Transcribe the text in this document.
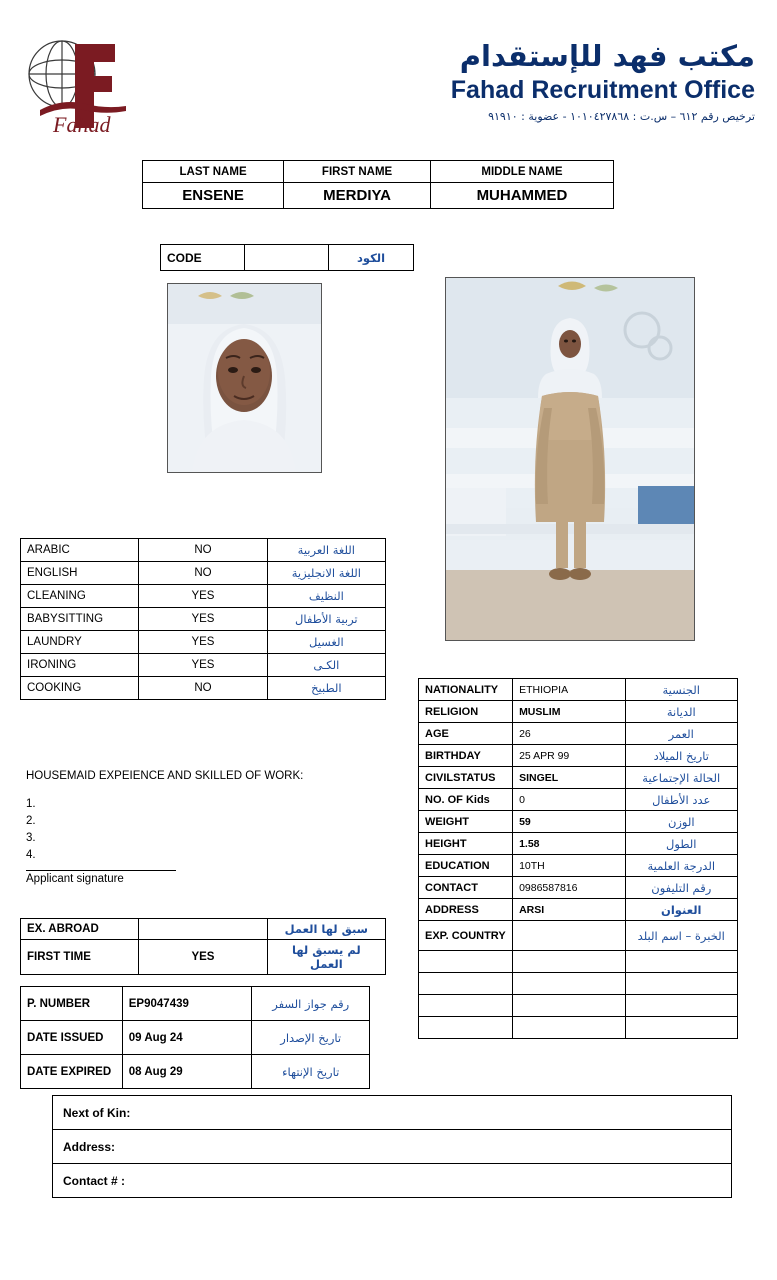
Fahad
مكتب فهد للإستقدام
Fahad Recruitment Office
ترخيص رقم ٦١٢ – س.ت : ١٠١٠٤٢٧٨٦٨ - عضوية : ٩١٩١٠
LAST NAME	FIRST NAME	MIDDLE NAME
ENSENE	MERDIYA	MUHAMMED
CODE		الكود
ARABIC	NO	اللغة العربية
ENGLISH	NO	اللغة الانجليزية
CLEANING	YES	النظيف
BABYSITTING	YES	تربية الأطفال
LAUNDRY	YES	الغسيل
IRONING	YES	الكـى
COOKING	NO	الطبيخ
HOUSEMAID EXPEIENCE AND SKILLED OF WORK:
1.
2.
3.
4.
Applicant signature
EX. ABROAD		سبق لها العمل
FIRST TIME	YES	لم يسبق لها العمل
P. NUMBER	EP9047439	رقم جواز السفر
DATE ISSUED	09 Aug 24	تاريخ الإصدار
DATE EXPIRED	08 Aug 29	تاريخ الإنتهاء
NATIONALITY	ETHIOPIA	الجنسية
RELIGION	MUSLIM	الديانة
AGE	26	العمر
BIRTHDAY	25 APR 99	تاريخ الميلاد
CIVILSTATUS	SINGEL	الحالة الإجتماعية
NO. OF Kids	0	عدد الأطفال
WEIGHT	59	الوزن
HEIGHT	1.58	الطول
EDUCATION	10TH	الدرجة العلمية
CONTACT	0986587816	رقم التليفون
ADDRESS	ARSI	العنوان
EXP. COUNTRY		الخبرة – اسم البلد

Next of Kin:
Address:
Contact # :
